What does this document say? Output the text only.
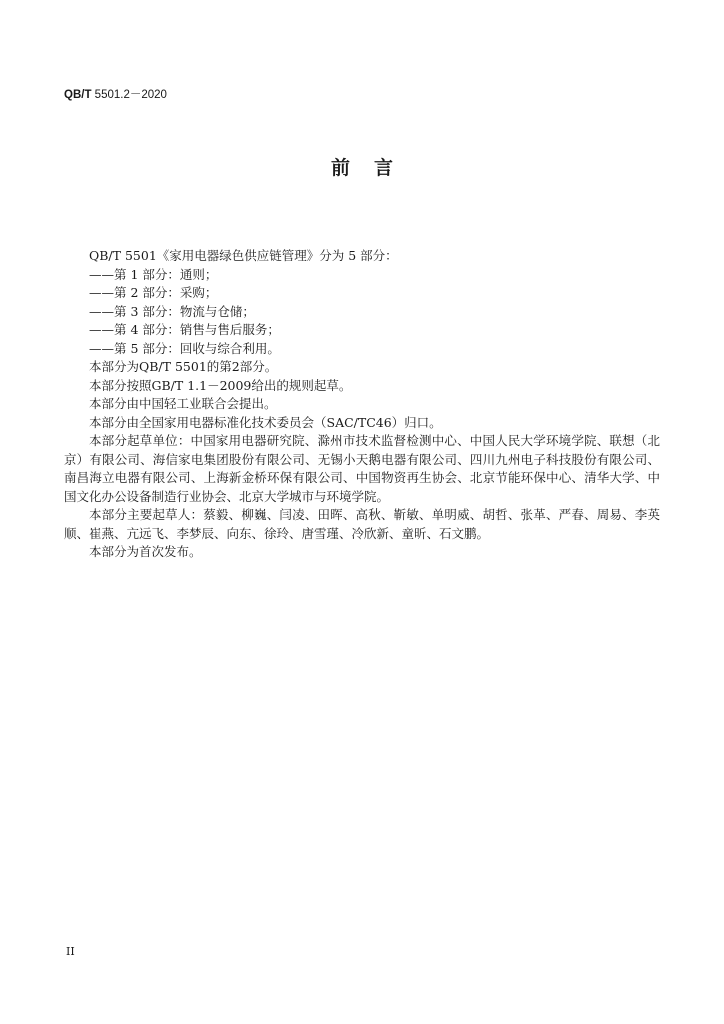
QB/T 5501.2－2020
前言

QB/T 5501《家用电器绿色供应链管理》分为 5 部分：

——第 1 部分：通则；

——第 2 部分：采购；

——第 3 部分：物流与仓储；

——第 4 部分：销售与售后服务；

——第 5 部分：回收与综合利用。

本部分为QB/T 5501的第2部分。

本部分按照GB/T 1.1－2009给出的规则起草。

本部分由中国轻工业联合会提出。

本部分由全国家用电器标准化技术委员会（SAC/TC46）归口。

本部分起草单位：中国家用电器研究院、滁州市技术监督检测中心、中国人民大学环境学院、联想（北京）有限公司、海信家电集团股份有限公司、无锡小天鹅电器有限公司、四川九州电子科技股份有限公司、南昌海立电器有限公司、上海新金桥环保有限公司、中国物资再生协会、北京节能环保中心、清华大学、中国文化办公设备制造行业协会、北京大学城市与环境学院。

本部分主要起草人：蔡毅、柳巍、闫凌、田晖、高秋、靳敏、单明威、胡哲、张革、严春、周易、李英顺、崔燕、亢远飞、李梦辰、向东、徐玲、唐雪瑾、冷欣新、童昕、石文鹏。

本部分为首次发布。

II
